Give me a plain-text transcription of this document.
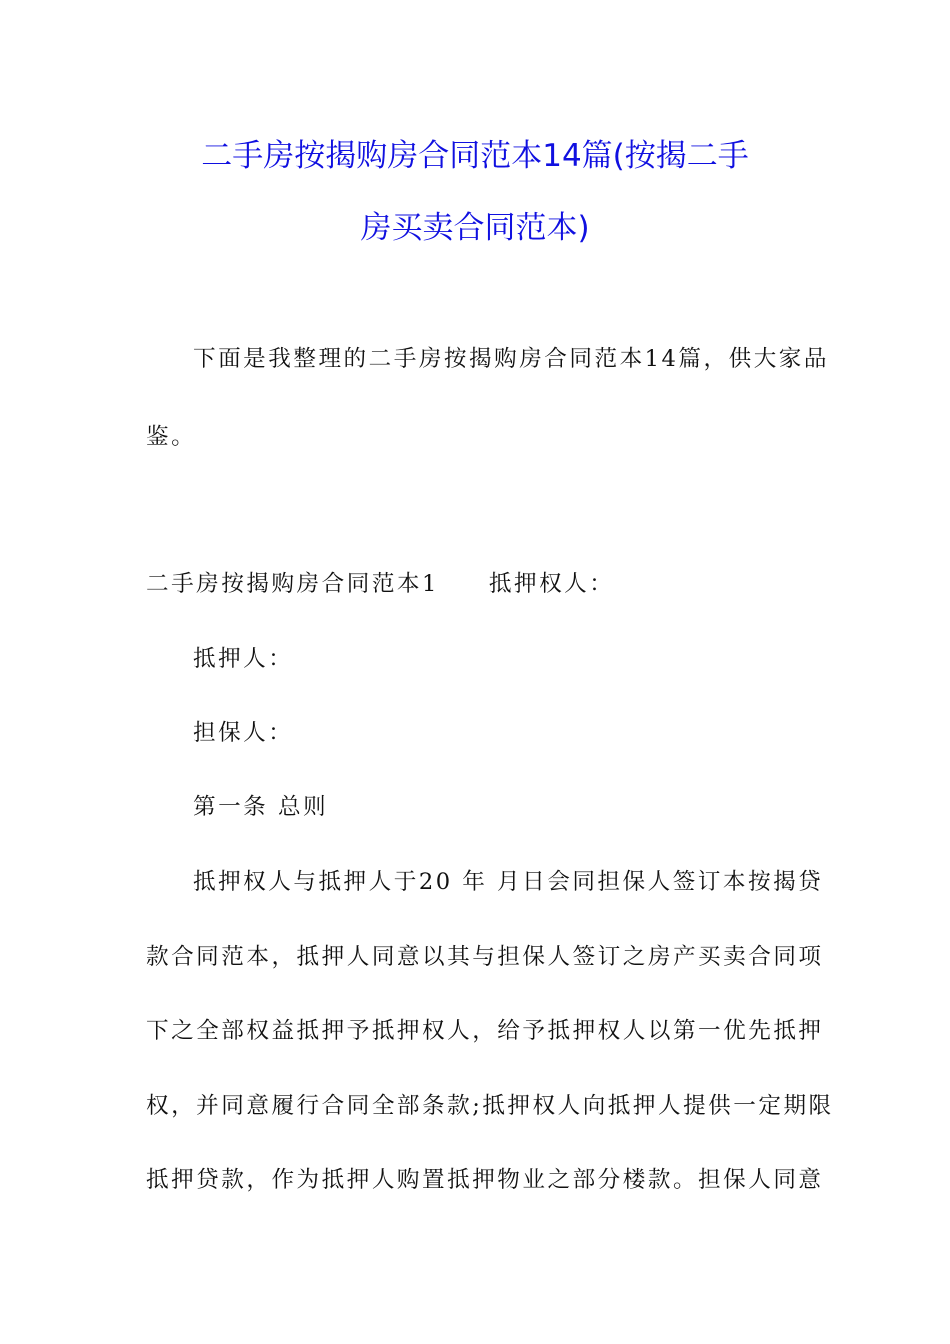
二手房按揭购房合同范本14篇(按揭二手
房买卖合同范本)
下面是我整理的二手房按揭购房合同范本14篇，供大家品
鉴。
二手房按揭购房合同范本1 抵押权人：
抵押人：
担保人：
第一条 总则
抵押权人与抵押人于20 年 月日会同担保人签订本按揭贷
款合同范本，抵押人同意以其与担保人签订之房产买卖合同项
下之全部权益抵押予抵押权人，给予抵押权人以第一优先抵押
权，并同意履行合同全部条款;抵押权人向抵押人提供一定期限
抵押贷款，作为抵押人购置抵押物业之部分楼款。担保人同意
